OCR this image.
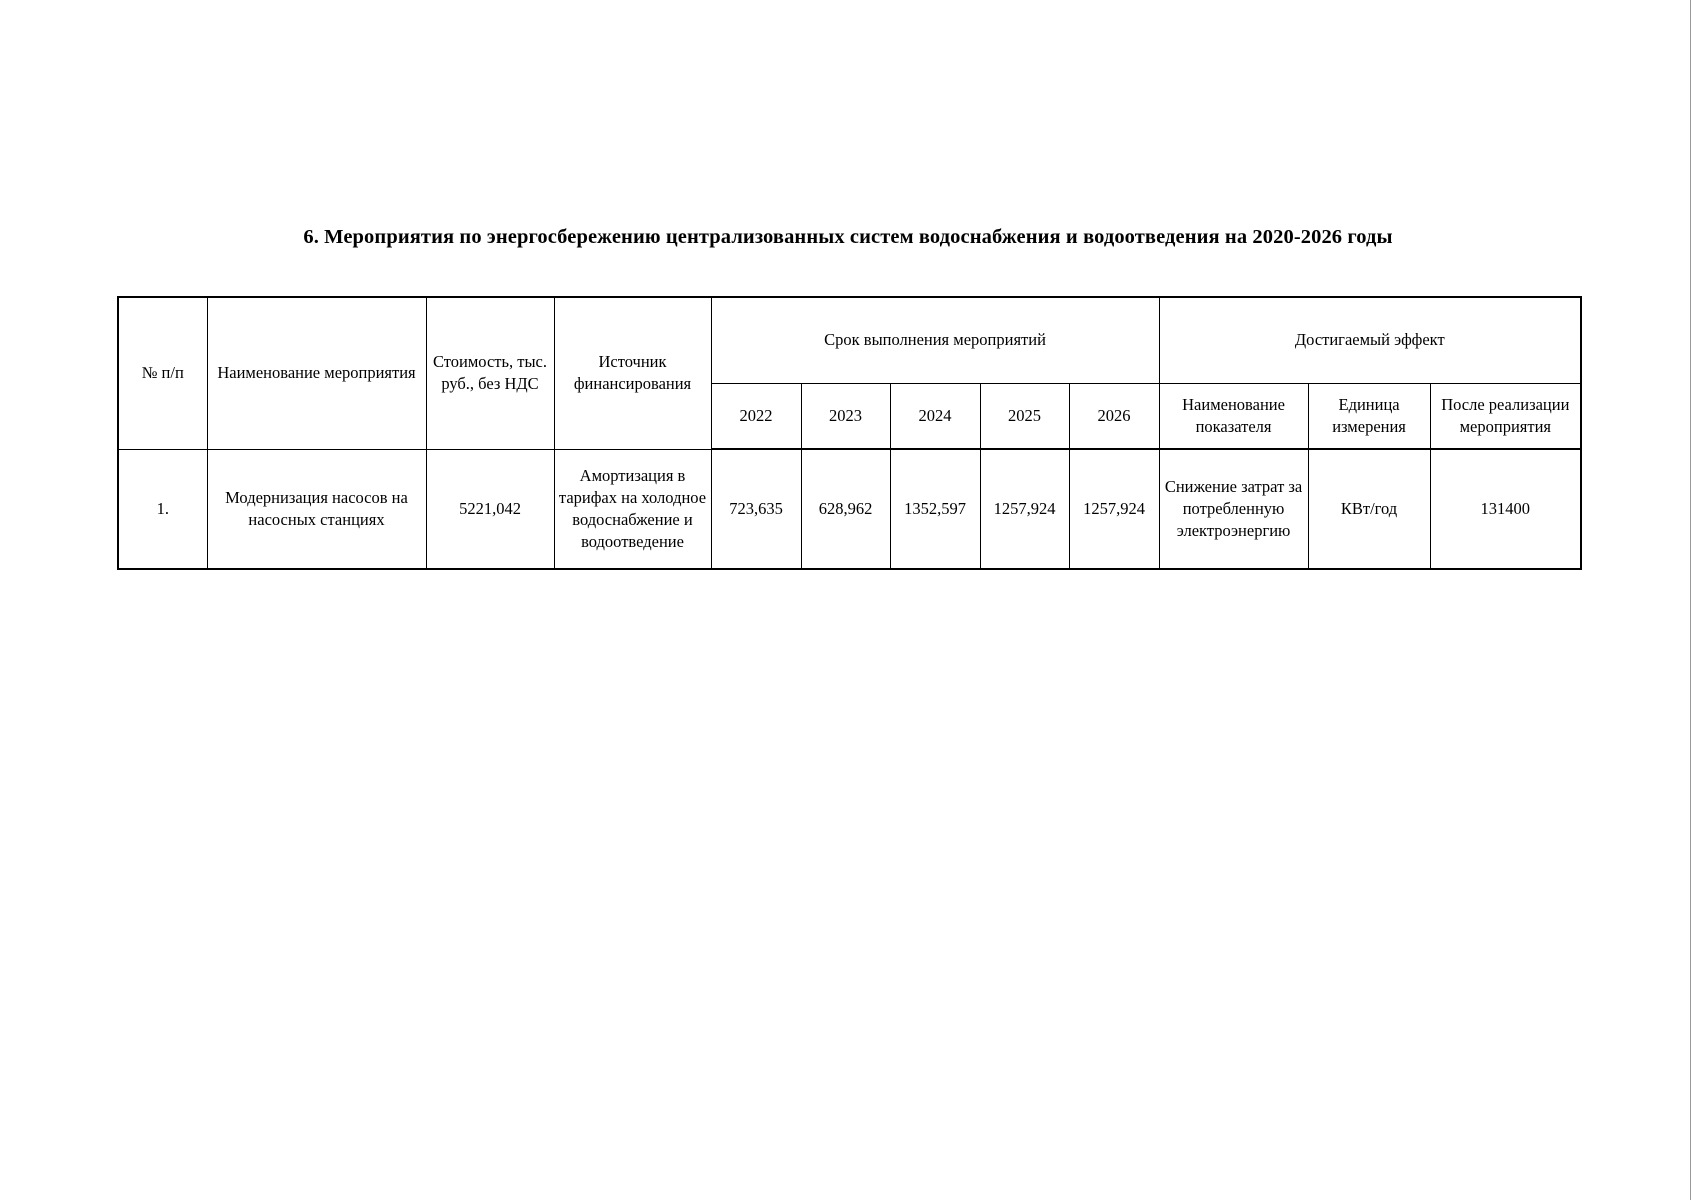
6. Мероприятия по энергосбережению централизованных систем водоснабжения и водоотведения на 2020-2026 годы
№ п/п	Наименование мероприятия	Стоимость, тыс. руб., без НДС	Источник финансирования	Срок выполнения мероприятий					Достигаемый эффект		
				2022	2023	2024	2025	2026	Наименование показателя	Единица измерения	После реализации мероприятия
1.	Модернизация насосов на насосных станциях	5221,042	Амортизация в тарифах на холодное водоснабжение и водоотведение	723,635	628,962	1352,597	1257,924	1257,924	Снижение затрат за потребленную электроэнергию	КВт/год	131400
